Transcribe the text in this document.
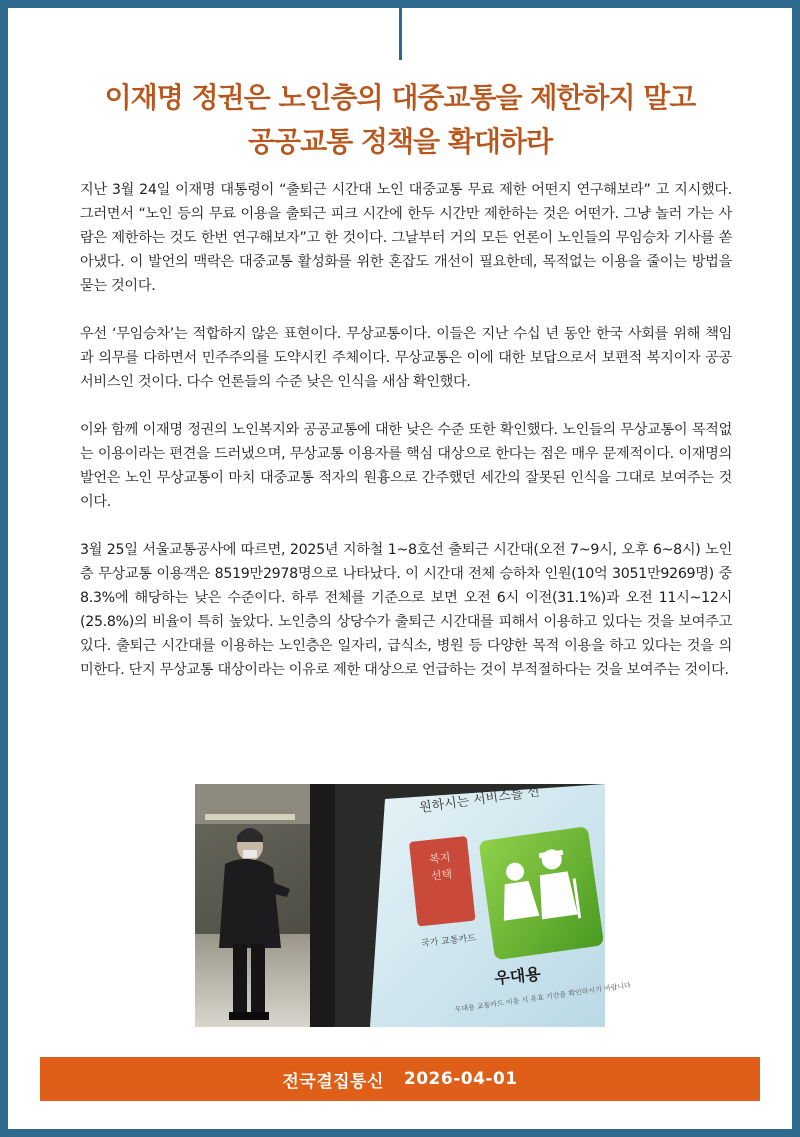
이재명 정권은 노인층의 대중교통을 제한하지 말고
공공교통 정책을 확대하라

지난 3월 24일 이재명 대통령이 “출퇴근 시간대 노인 대중교통 무료 제한 어떤지 연구해보라” 고 지시했다. 그러면서 “노인 등의 무료 이용을 출퇴근 피크 시간에 한두 시간만 제한하는 것은 어떤가. 그냥 놀러 가는 사람은 제한하는 것도 한번 연구해보자”고 한 것이다. 그날부터 거의 모든 언론이 노인들의 무임승차 기사를 쏟아냈다. 이 발언의 맥락은 대중교통 활성화를 위한 혼잡도 개선이 필요한데, 목적없는 이용을 줄이는 방법을 묻는 것이다.

우선 ‘무임승차’는 적합하지 않은 표현이다. 무상교통이다. 이들은 지난 수십 년 동안 한국 사회를 위해 책임과 의무를 다하면서 민주주의를 도약시킨 주체이다. 무상교통은 이에 대한 보답으로서 보편적 복지이자 공공서비스인 것이다. 다수 언론들의 수준 낮은 인식을 새삼 확인했다.

이와 함께 이재명 정권의 노인복지와 공공교통에 대한 낮은 수준 또한 확인했다. 노인들의 무상교통이 목적없는 이용이라는 편견을 드러냈으며, 무상교통 이용자를 핵심 대상으로 한다는 점은 매우 문제적이다. 이재명의 발언은 노인 무상교통이 마치 대중교통 적자의 원흉으로 간주했던 세간의 잘못된 인식을 그대로 보여주는 것이다.

3월 25일 서울교통공사에 따르면, 2025년 지하철 1~8호선 출퇴근 시간대(오전 7~9시, 오후 6~8시) 노인층 무상교통 이용객은 8519만2978명으로 나타났다. 이 시간대 전체 승하차 인원(10억 3051만9269명) 중 8.3%에 해당하는 낮은 수준이다. 하루 전체를 기준으로 보면 오전 6시 이전(31.1%)과 오전 11시~12시(25.8%)의 비율이 특히 높았다. 노인층의 상당수가 출퇴근 시간대를 피해서 이용하고 있다는 것을 보여주고 있다. 출퇴근 시간대를 이용하는 노인층은 일자리, 급식소, 병원 등 다양한 목적 이용을 하고 있다는 것을 의미한다. 단지 무상교통 대상이라는 이유로 제한 대상으로 언급하는 것이 부적절하다는 것을 보여주는 것이다.

원하시는 서비스를 선
복지
선택
국가 교통카드
우대용
우대용 교통카드 이용 시 유효 기간을 확인하시기 바랍니다
전국결집통신 2026-04-01
